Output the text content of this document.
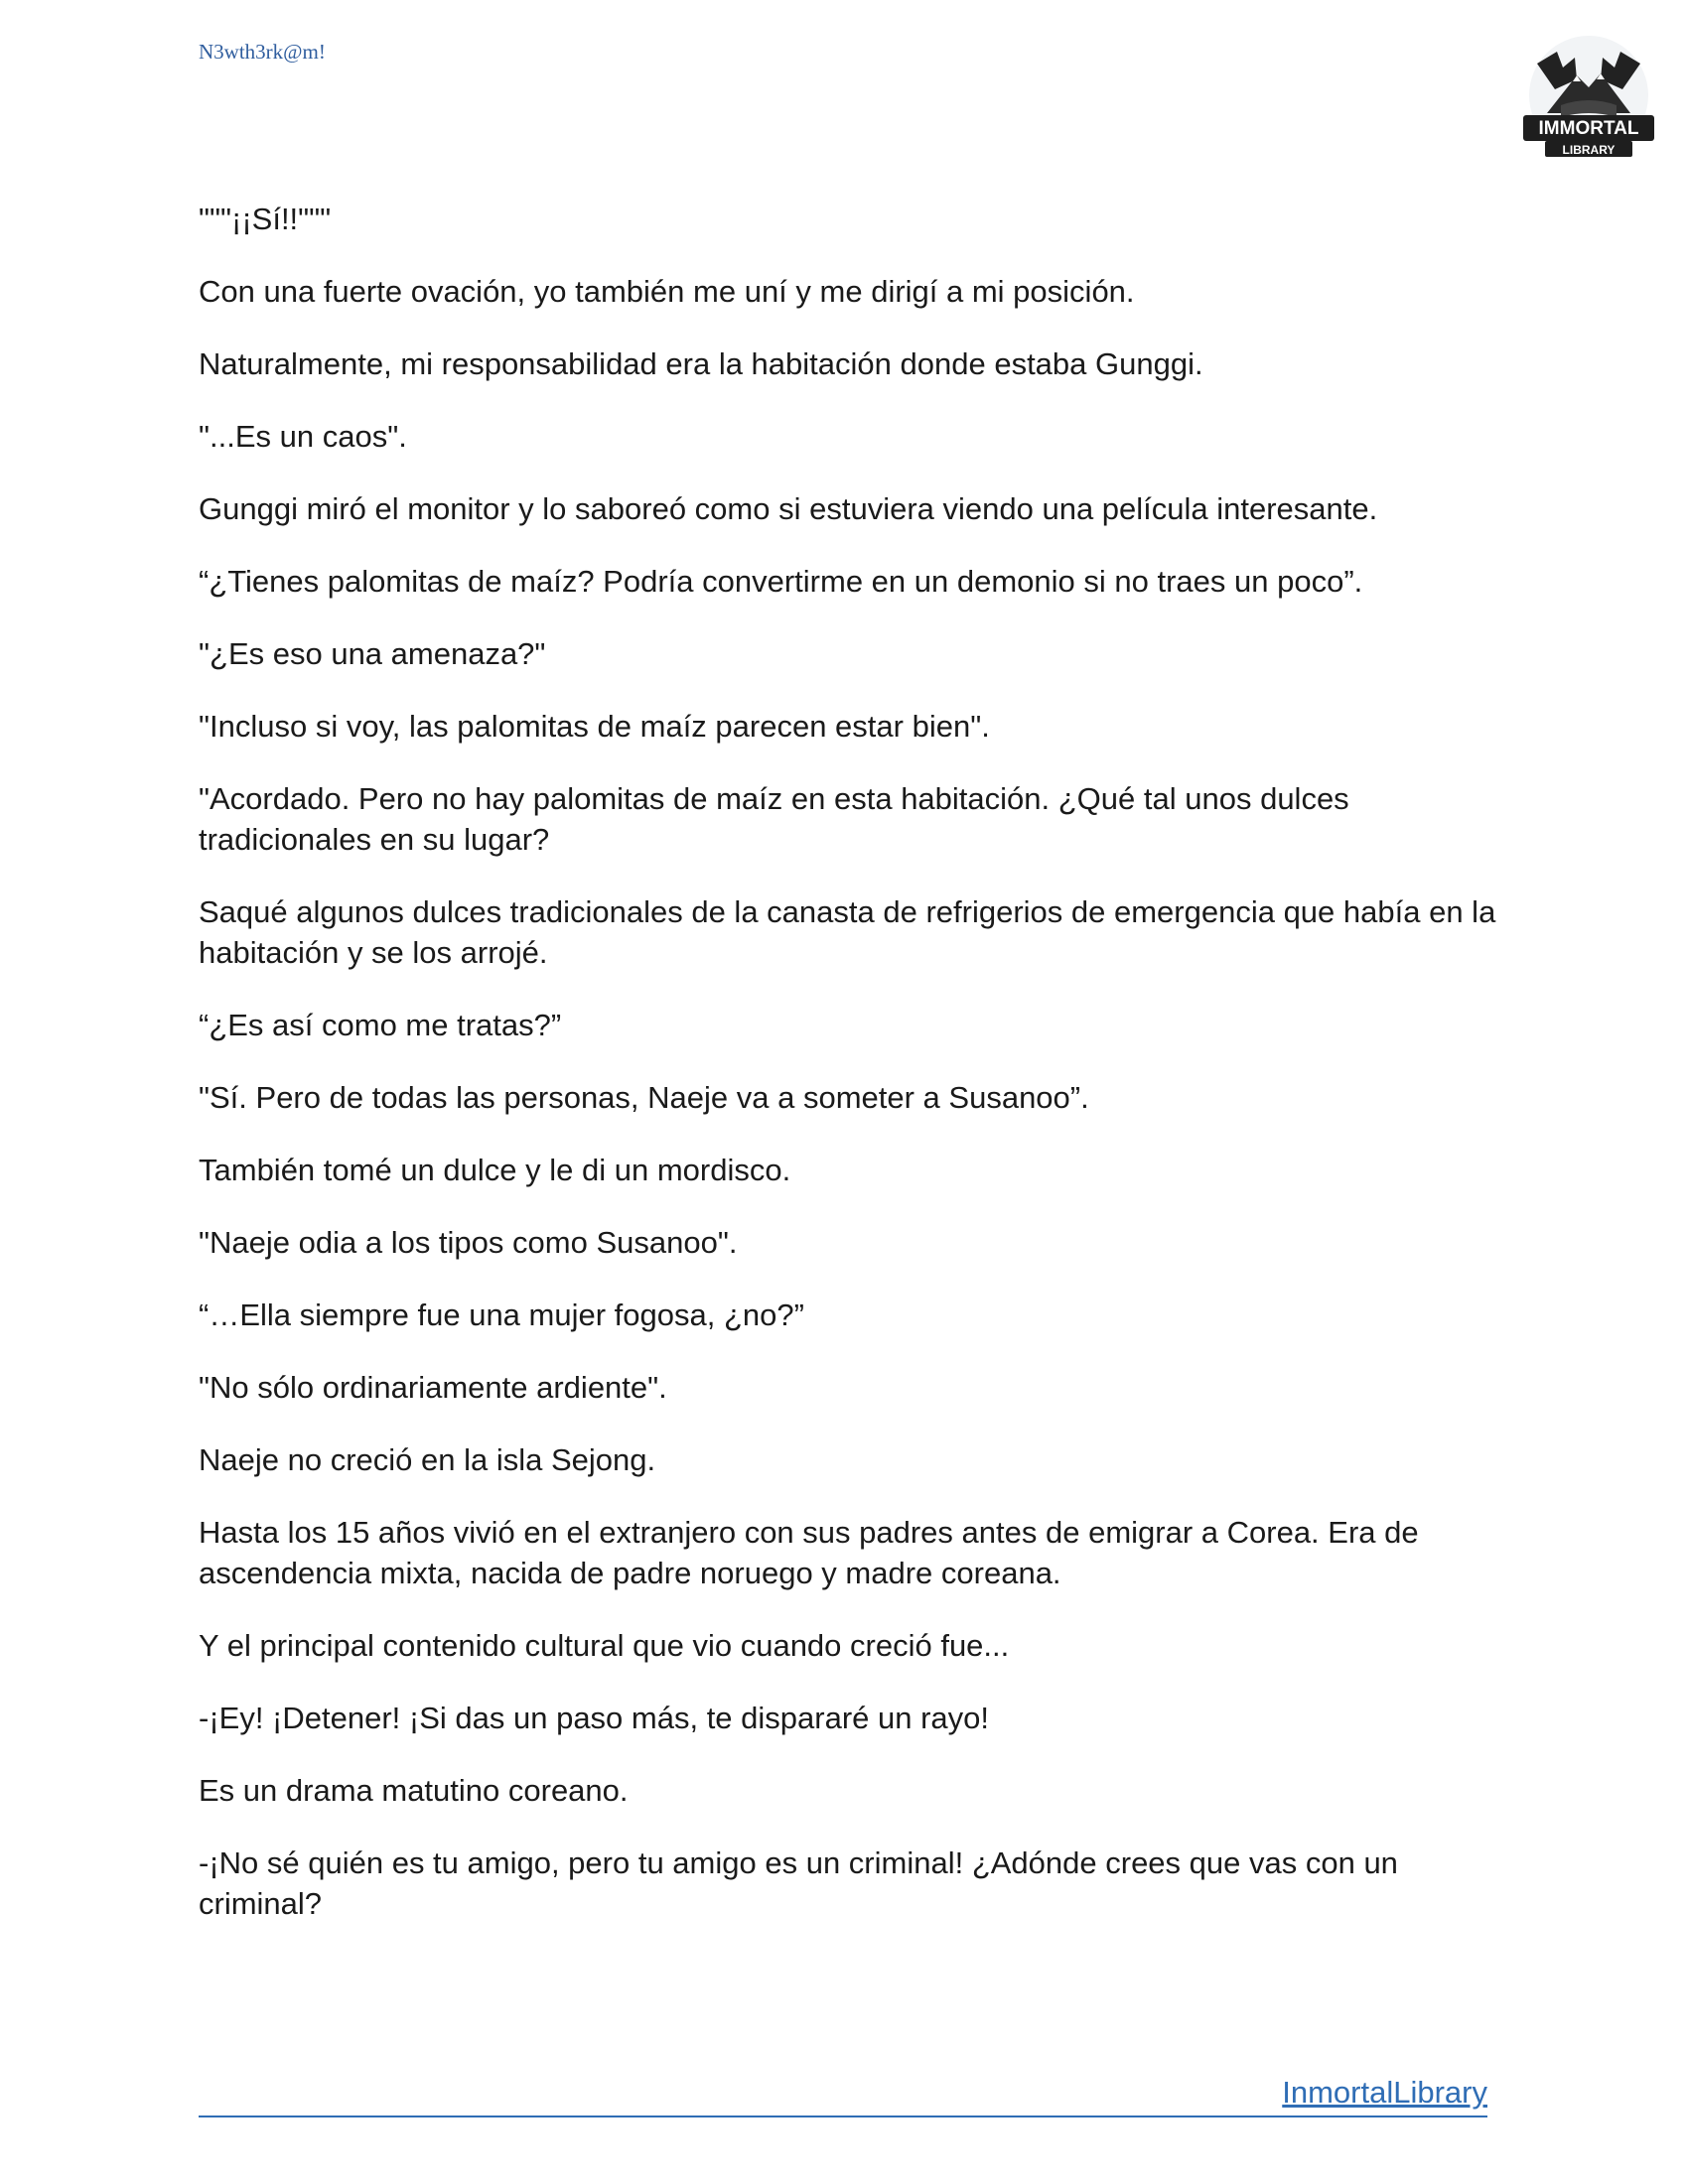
N3wth3rk@m!
IMMORTAL
LIBRARY

"""¡¡Sí!!"""

Con una fuerte ovación, yo también me uní y me dirigí a mi posición.

Naturalmente, mi responsabilidad era la habitación donde estaba Gunggi.

"...Es un caos".

Gunggi miró el monitor y lo saboreó como si estuviera viendo una película interesante.

“¿Tienes palomitas de maíz? Podría convertirme en un demonio si no traes un poco”.

"¿Es eso una amenaza?"

"Incluso si voy, las palomitas de maíz parecen estar bien".

"Acordado. Pero no hay palomitas de maíz en esta habitación. ¿Qué tal unos dulces tradicionales en su lugar?

Saqué algunos dulces tradicionales de la canasta de refrigerios de emergencia que había en la habitación y se los arrojé.

“¿Es así como me tratas?”

"Sí. Pero de todas las personas, Naeje va a someter a Susanoo”.

También tomé un dulce y le di un mordisco.

"Naeje odia a los tipos como Susanoo".

“…Ella siempre fue una mujer fogosa, ¿no?”

"No sólo ordinariamente ardiente".

Naeje no creció en la isla Sejong.

Hasta los 15 años vivió en el extranjero con sus padres antes de emigrar a Corea. Era de ascendencia mixta, nacida de padre noruego y madre coreana.

Y el principal contenido cultural que vio cuando creció fue...

-¡Ey! ¡Detener! ¡Si das un paso más, te dispararé un rayo!

Es un drama matutino coreano.

-¡No sé quién es tu amigo, pero tu amigo es un criminal! ¿Adónde crees que vas con un criminal?

InmortalLibrary
